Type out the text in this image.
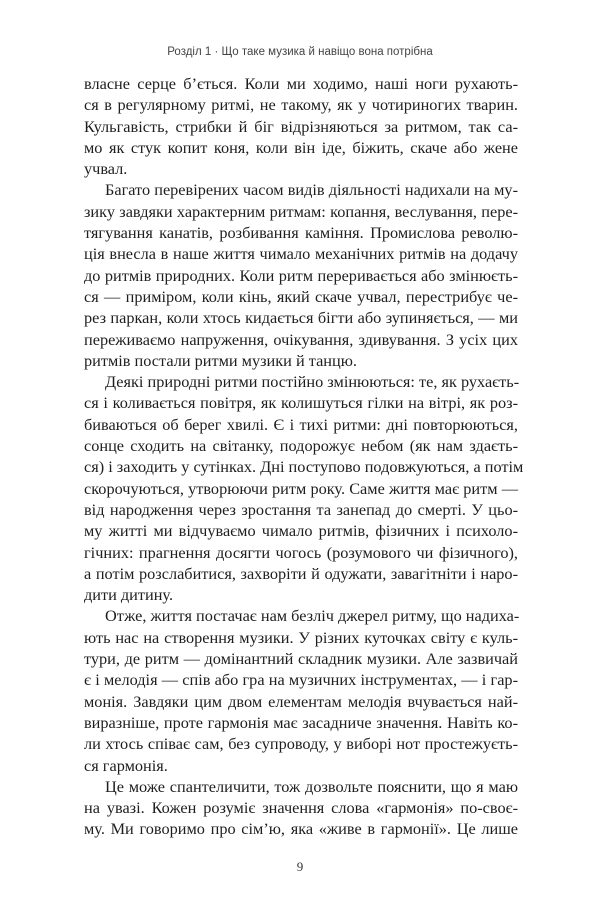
Розділ 1 · Що таке музика й навіщо вона потрібна
власне серце б’ється. Коли ми ходимо, наші ноги рухають-
ся в регулярному ритмі, не такому, як у чотириногих тварин.
Кульгавість, стрибки й біг відрізняються за ритмом, так са-
мо як стук копит коня, коли він іде, біжить, скаче або жене
учвал.
Багато перевірених часом видів діяльності надихали на му-
зику завдяки характерним ритмам: копання, веслування, пере-
тягування канатів, розбивання каміння. Промислова револю-
ція внесла в наше життя чимало механічних ритмів на додачу
до ритмів природних. Коли ритм переривається або змінюєть-
ся — приміром, коли кінь, який скаче учвал, перестрибує че-
рез паркан, коли хтось кидається бігти або зупиняється, — ми
переживаємо напруження, очікування, здивування. З усіх цих
ритмів постали ритми музики й танцю.
Деякі природні ритми постійно змінюються: те, як рухаєть-
ся і коливається повітря, як колишуться гілки на вітрі, як роз-
биваються об берег хвилі. Є і тихі ритми: дні повторюються,
сонце сходить на світанку, подорожує небом (як нам здаєть-
ся) і заходить у сутінках. Дні поступово подовжуються, а потім
скорочуються, утворюючи ритм року. Саме життя має ритм —
від народження через зростання та занепад до смерті. У цьо-
му житті ми відчуваємо чимало ритмів, фізичних і психоло-
гічних: прагнення досягти чогось (розумового чи фізичного),
а потім розслабитися, захворіти й одужати, завагітніти і наро-
дити дитину.
Отже, життя постачає нам безліч джерел ритму, що надиха-
ють нас на створення музики. У різних куточках світу є куль-
тури, де ритм — домінантний складник музики. Але зазвичай
є і мелодія — спів або гра на музичних інструментах, — і гар-
монія. Завдяки цим двом елементам мелодія вчувається най-
виразніше, проте гармонія має засадниче значення. Навіть ко-
ли хтось співає сам, без супроводу, у виборі нот простежуєть-
ся гармонія.
Це може спантеличити, тож дозвольте пояснити, що я маю
на увазі. Кожен розуміє значення слова «гармонія» по-своє-
му. Ми говоримо про сім’ю, яка «живе в гармонії». Це лише
9
